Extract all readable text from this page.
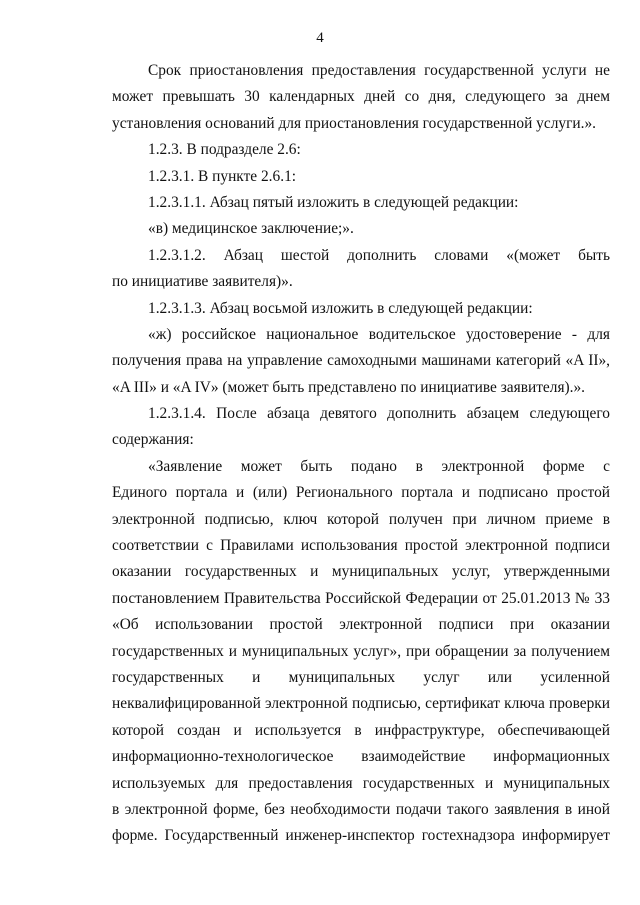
4
Срок приостановления предоставления государственной услуги не
может превышать 30 календарных дней со дня, следующего за днем
установления оснований для приостановления государственной услуги.».
1.2.3. В подразделе 2.6:
1.2.3.1. В пункте 2.6.1:
1.2.3.1.1. Абзац пятый изложить в следующей редакции:
«в) медицинское заключение;».
1.2.3.1.2. Абзац шестой дополнить словами «(может быть
по инициативе заявителя)».
1.2.3.1.3. Абзац восьмой изложить в следующей редакции:
«ж) российское национальное водительское удостоверение - для
получения права на управление самоходными машинами категорий «A II»,
«A III» и «A IV» (может быть представлено по инициативе заявителя).».
1.2.3.1.4. После абзаца девятого дополнить абзацем следующего
содержания:
«Заявление может быть подано в электронной форме с
Единого портала и (или) Регионального портала и подписано простой
электронной подписью, ключ которой получен при личном приеме в
соответствии с Правилами использования простой электронной подписи
оказании государственных и муниципальных услуг, утвержденными
постановлением Правительства Российской Федерации от 25.01.2013 № 33
«Об использовании простой электронной подписи при оказании
государственных и муниципальных услуг», при обращении за получением
государственных и муниципальных услуг или усиленной
неквалифицированной электронной подписью, сертификат ключа проверки
которой создан и используется в инфраструктуре, обеспечивающей
информационно-технологическое взаимодействие информационных
используемых для предоставления государственных и муниципальных
в электронной форме, без необходимости подачи такого заявления в иной
форме. Государственный инженер-инспектор гостехнадзора информирует
